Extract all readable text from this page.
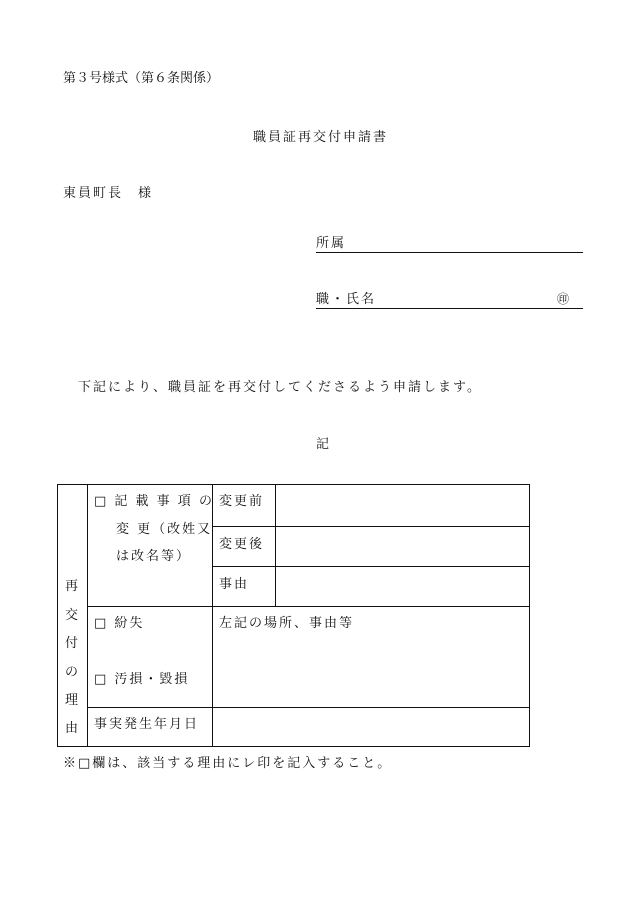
第３号様式（第６条関係）
職員証再交付申請書
東員町長　様
所属
職・氏名	㊞
下記により、職員証を再交付してくださるよう申請します。
記
再
交
付
の
理
由
□ 記 載 事 項 の
変 更（改姓又
は改名等）
変更前
変更後
事由
□ 紛失
□ 汚損・毀損
左記の場所、事由等
事実発生年月日
※□欄は、該当する理由にレ印を記入すること。
